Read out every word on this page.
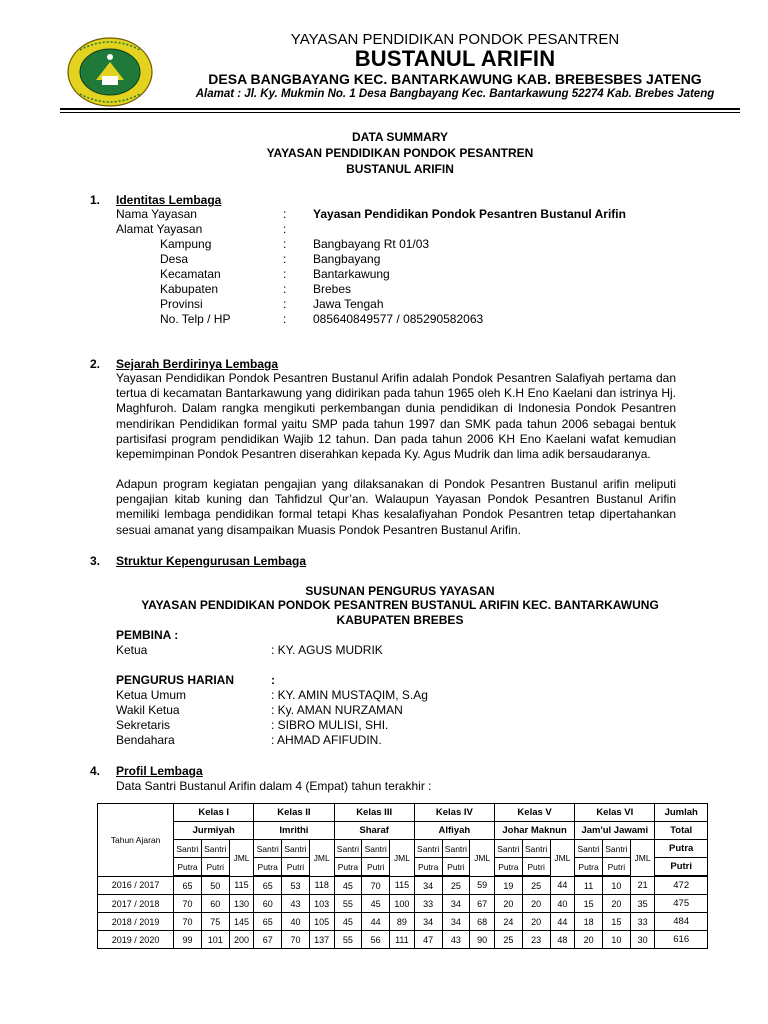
YAYASAN PENDIDIKAN PONDOK PESANTREN
BUSTANUL ARIFIN
DESA BANGBAYANG KEC. BANTARKAWUNG KAB. BREBESBES JATENG
Alamat : Jl. Ky. Mukmin No. 1 Desa Bangbayang Kec. Bantarkawung 52274 Kab. Brebes Jateng
DATA SUMMARY
YAYASAN PENDIDIKAN PONDOK PESANTREN
BUSTANUL ARIFIN
1. Identitas Lembaga
Nama Yayasan	: Yayasan Pendidikan Pondok Pesantren Bustanul Arifin
Alamat Yayasan	:
Kampung	: Bangbayang Rt 01/03
Desa	: Bangbayang
Kecamatan	: Bantarkawung
Kabupaten	: Brebes
Provinsi	: Jawa Tengah
No. Telp / HP	: 085640849577 / 085290582063
2. Sejarah Berdirinya Lembaga
Yayasan Pendidikan Pondok Pesantren Bustanul Arifin adalah Pondok Pesantren Salafiyah pertama dan tertua di kecamatan Bantarkawung yang didirikan pada tahun 1965 oleh K.H Eno Kaelani dan istrinya Hj. Maghfuroh. Dalam rangka mengikuti perkembangan dunia pendidikan di Indonesia Pondok Pesantren mendirikan Pendidikan formal yaitu SMP pada tahun 1997 dan SMK pada tahun 2006 sebagai bentuk partisifasi program pendidikan Wajib 12 tahun. Dan pada tahun 2006 KH Eno Kaelani wafat kemudian kepemimpinan Pondok Pesantren diserahkan kepada Ky. Agus Mudrik dan lima adik bersaudaranya.
Adapun program kegiatan pengajian yang dilaksanakan di Pondok Pesantren Bustanul arifin meliputi pengajian kitab kuning dan Tahfidzul Qur’an. Walaupun Yayasan Pondok Pesantren Bustanul Arifin memiliki lembaga pendidikan formal tetapi Khas kesalafiyahan Pondok Pesantren tetap dipertahankan sesuai amanat yang disampaikan Muasis Pondok Pesantren Bustanul Arifin.
3. Struktur Kepengurusan Lembaga
SUSUNAN PENGURUS YAYASAN
YAYASAN PENDIDIKAN PONDOK PESANTREN BUSTANUL ARIFIN KEC. BANTARKAWUNG
KABUPATEN BREBES
PEMBINA :
Ketua	: KY. AGUS MUDRIK
PENGURUS HARIAN	:
Ketua Umum	: KY. AMIN MUSTAQIM, S.Ag
Wakil Ketua	: Ky. AMAN NURZAMAN
Sekretaris	: SIBRO MULISI, SHI.
Bendahara	: AHMAD AFIFUDIN.
4. Profil Lembaga
Data Santri Bustanul Arifin dalam 4 (Empat) tahun terakhir :
Tahun Ajaran	Kelas I			Kelas II			Kelas III			Kelas IV			Kelas V			Kelas VI			Jumlah
	Jurmiyah			Imrithi			Sharaf			Alfiyah			Johar Maknun			Jam'ul Jawami			Total
	Santri	Santri	JML	Santri	Santri	JML	Santri	Santri	JML	Santri	Santri	JML	Santri	Santri	JML	Santri	Santri	JML	Putra
	Putra	Putri		Putra	Putri		Putra	Putri		Putra	Putri		Putra	Putri		Putra	Putri		Putri
2016 / 2017	65	50	115	65	53	118	45	70	115	34	25	59	19	25	44	11	10	21	472
2017 / 2018	70	60	130	60	43	103	55	45	100	33	34	67	20	20	40	15	20	35	475
2018 / 2019	70	75	145	65	40	105	45	44	89	34	34	68	24	20	44	18	15	33	484
2019 / 2020	99	101	200	67	70	137	55	56	111	47	43	90	25	23	48	20	10	30	616
